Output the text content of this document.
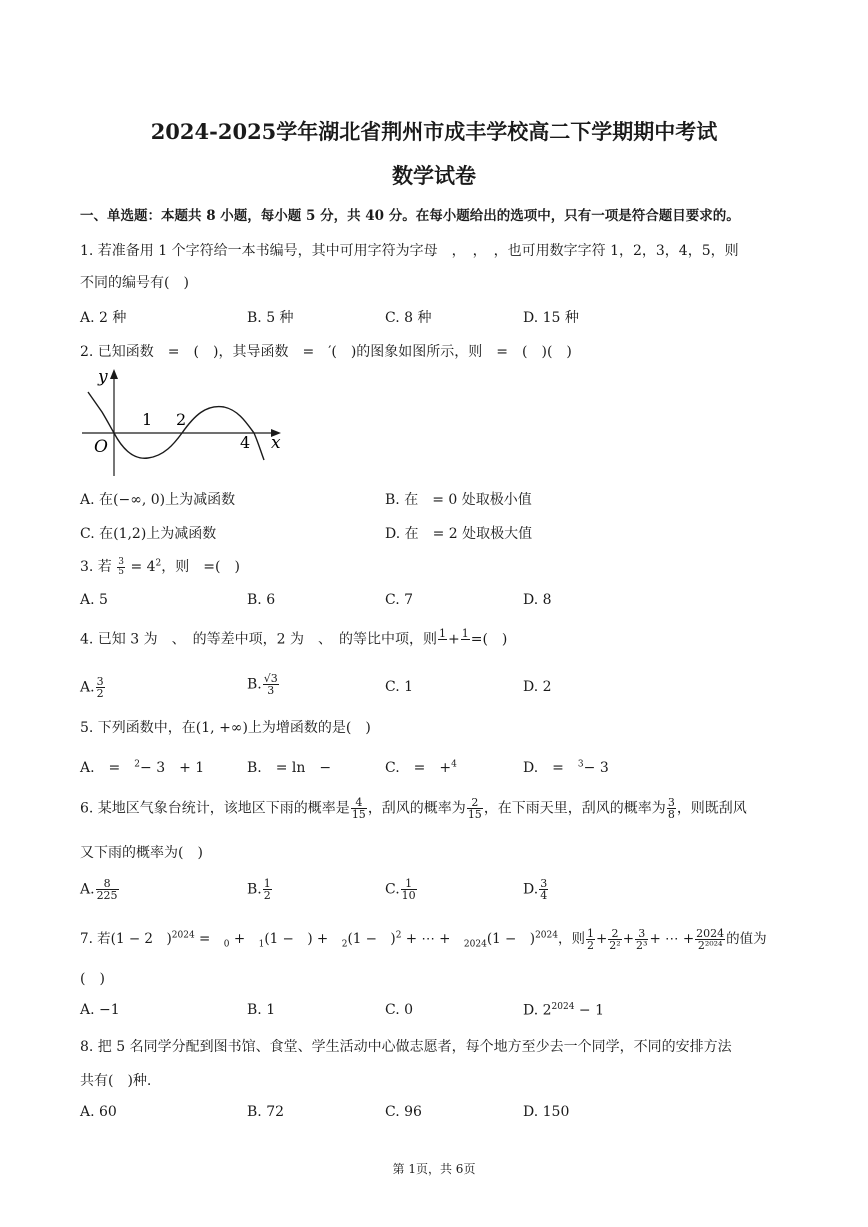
2024-2025学年湖北省荆州市成丰学校高二下学期期中考试
数学试卷
一、单选题：本题共 8 小题，每小题 5 分，共 40 分。在每小题给出的选项中，只有一项是符合题目要求的。
1. 若准备用 1 个字符给一本书编号，其中可用字符为字母　，　，　，也可用数字字符 1，2，3，4，5，则
不同的编号有(　)
A. 2 种	B. 5 种	C. 8 种	D. 15 种
2. 已知函数　=　(　)，其导函数　=　′(　)的图象如图所示，则　=　(　)(　)
y
O
1 2
4 x
A. 在(−∞, 0)上为减函数	B. 在　= 0 处取极小值
C. 在(1,2)上为减函数	D. 在　= 2 处取极大值
3. 若 $\frac{3}{5} = 4^2$，则　=(　)
A. 5	B. 6	C. 7	D. 8
4. 已知 3 为　、　的等差中项，2 为　、　的等比中项，则 1
+ 1
=(　)
A. $\frac{3}{2}$	B. $\frac{√3}{3}$	C. 1	D. 2
5. 下列函数中，在(1, +∞)上为增函数的是(　)
A.　=　$^2$− 3　+ 1	B.　= ln　−	C.　=　+$^4$	D.　=　$^3$− 3
6. 某地区气象台统计，该地区下雨的概率是 $\frac{4}{15}$ ，刮风的概率为 $\frac{2}{15}$ ，在下雨天里，刮风的概率为 $\frac{3}{8}$ ，则既刮风
又下雨的概率为(　)
A. $\frac{8}{225}$	B. $\frac{1}{2}$	C. $\frac{1}{10}$	D. $\frac{3}{4}$
7. 若(1 − 2　)$^{2024}$ =　$_0$ +　$_1$(1 −　) +　$_2$(1 −　)$^2$ + ⋯ +　$_{2024}$(1 −　)$^{2024}$，则 $\frac{1}{2} + \frac{2}{\text{2²}} + \frac{3}{\text{2³}}$ + ⋯ + $\frac{2024}{\text{2²⁰²⁴}}$ 的值为
(　)
A. −1	B. 1	C. 0	D. $2^{2024} - 1$
8. 把 5 名同学分配到图书馆、食堂、学生活动中心做志愿者，每个地方至少去一个同学，不同的安排方法
共有(　)种.
A. 60	B. 72	C. 96	D. 150
第 1页，共 6页
